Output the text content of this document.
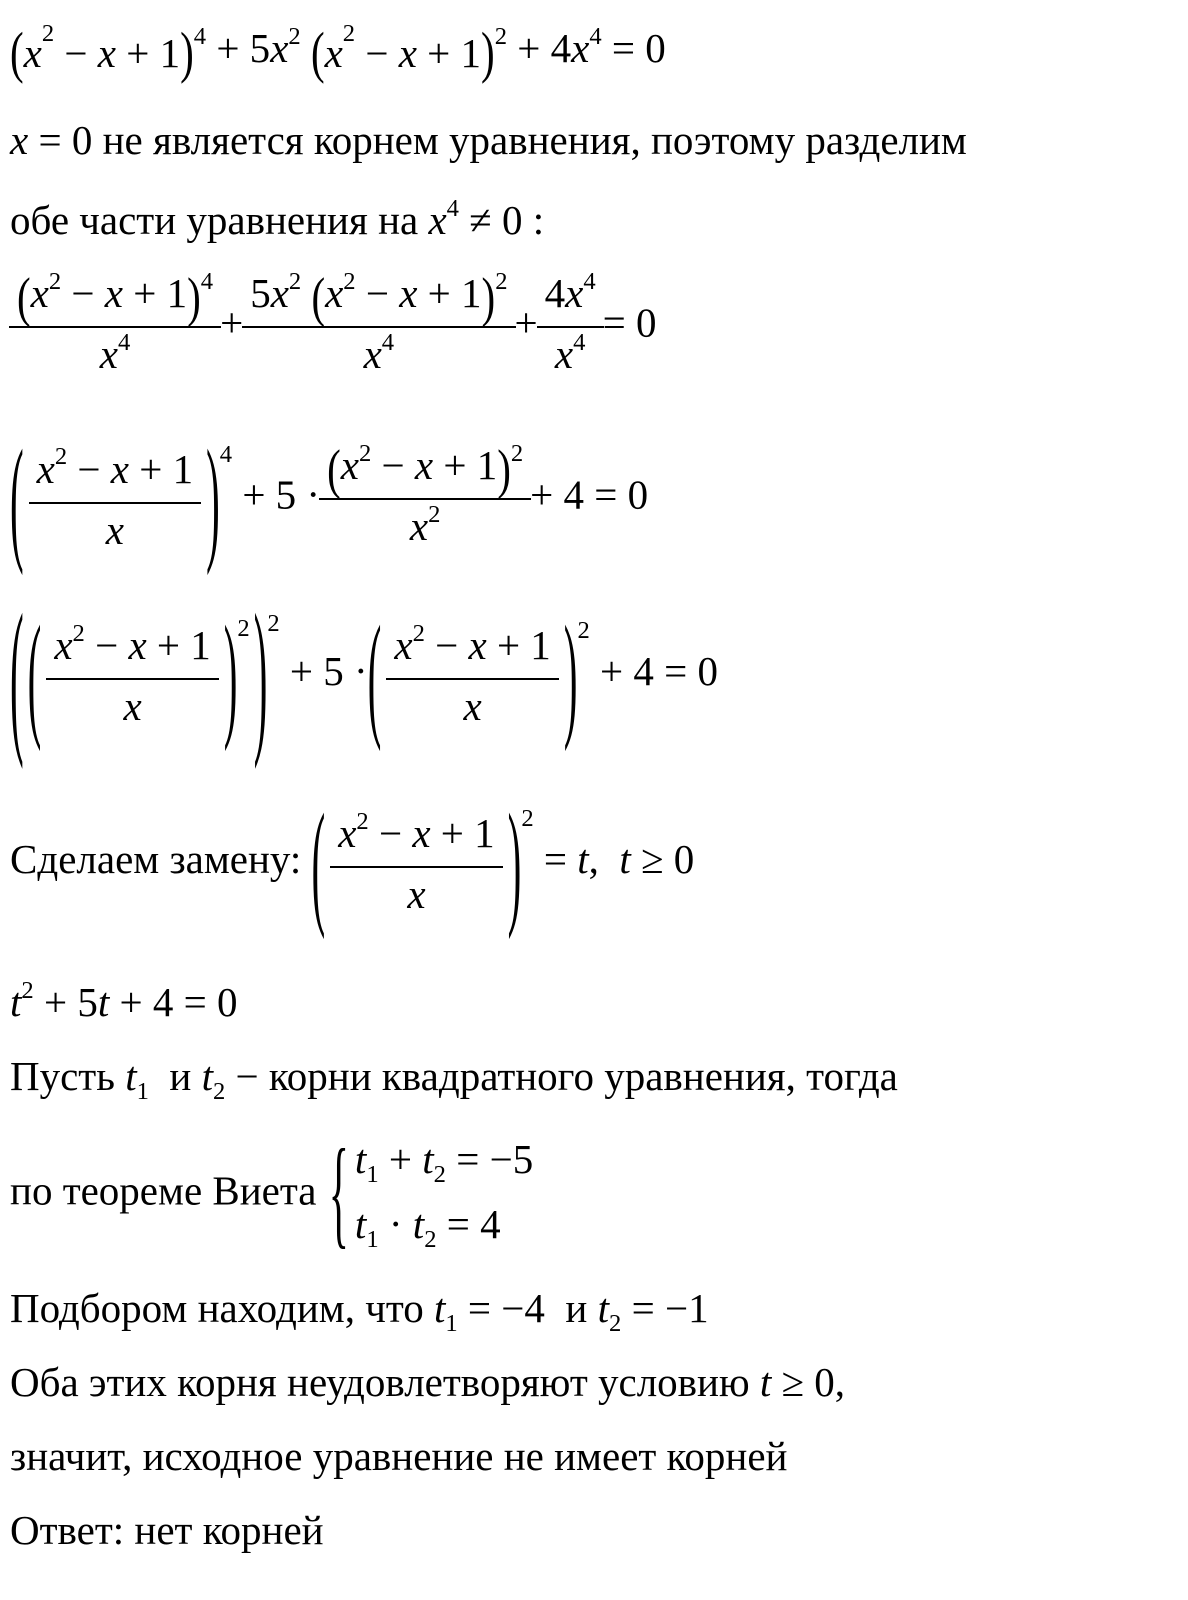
( $x^2 - x + 1$ ) $^4 + 5x^2$ ( $x^2 - x + 1$ ) $^2 + 4x^4 = 0$
x = 0 не является корнем уравнения, поэтому разделим
обе части уравнения на $x^4 \ne 0$ :
$\frac{(x^2 - x + 1)^4}{x^4} + \frac{5x^2 (x^2 - x + 1)^2}{x^4} + \frac{4x^4}{x^4} = 0$
( $\frac{x^2 - x + 1}{x}$ ) $^4 + 5 \cdot \frac{(x^2 - x + 1)^2}{x^2} + 4 = 0$
( ( $\frac{x^2 - x + 1}{x} )^2$ ) $^2$ + 5 · ( $\frac{x^2 - x + 1}{x}$ ) $^2$ + 4 = 0
Сделаем замену: ( $\frac{x^2 - x + 1}{x}$ ) $^2$ = t,  t ≥ 0
$t^2 + 5t + 4 = 0$
Пусть $t_1$ и $t_2$ − корни квадратного уравнения, тогда
по теореме Виета { $t_1 + t_2 = -5$
$t_1 \cdot t_2 = 4$
Подбором находим, что $t_1 = -4$  и $t_2 = -1$
Оба этих корня неудовлетворяют условию t ≥ 0,
значит, исходное уравнение не имеет корней
Ответ: нет корней
